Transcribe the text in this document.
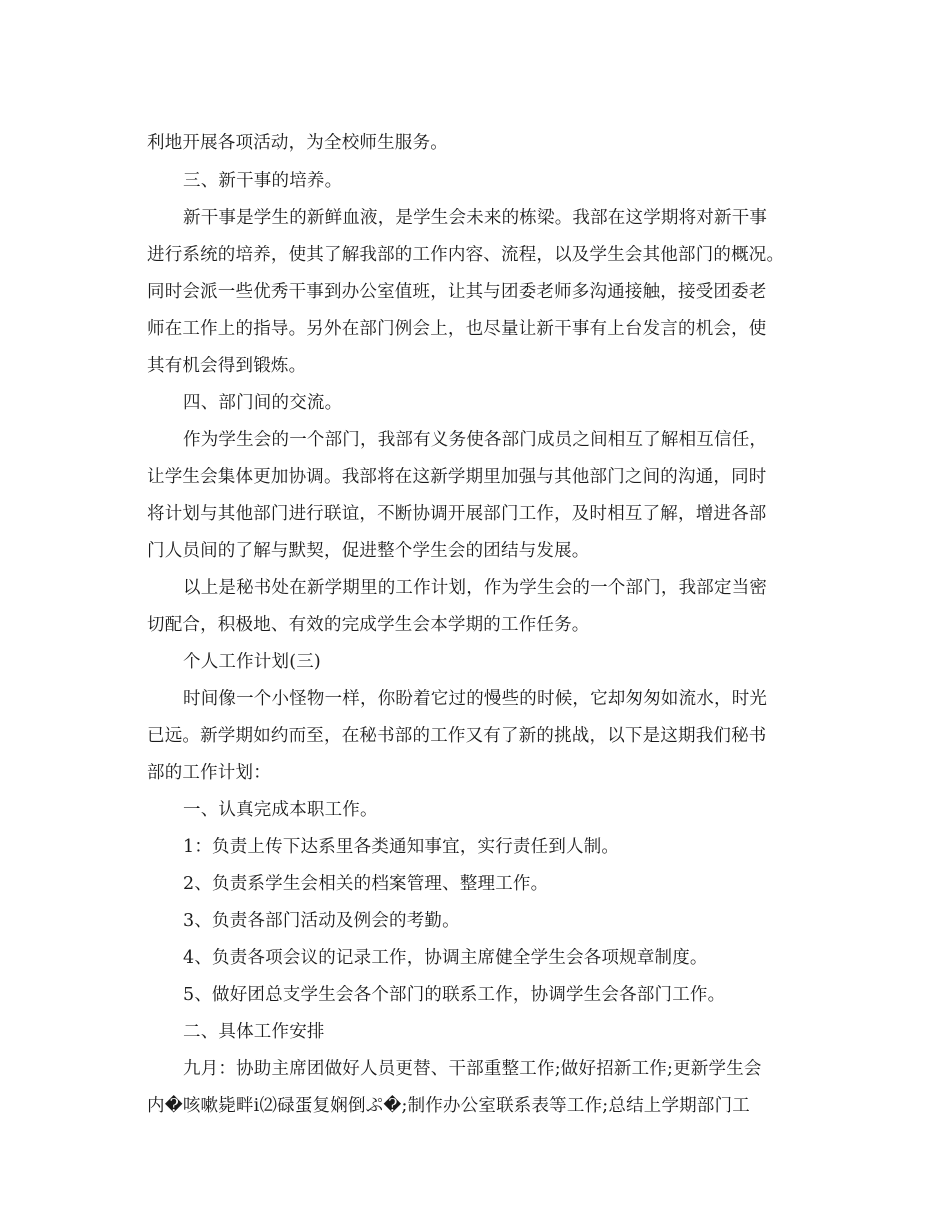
利地开展各项活动，为全校师生服务。
三、新干事的培养。
新干事是学生的新鲜血液，是学生会未来的栋梁。我部在这学期将对新干事
进行系统的培养，使其了解我部的工作内容、流程，以及学生会其他部门的概况。
同时会派一些优秀干事到办公室值班，让其与团委老师多沟通接触，接受团委老
师在工作上的指导。另外在部门例会上，也尽量让新干事有上台发言的机会，使
其有机会得到锻炼。
四、部门间的交流。
作为学生会的一个部门，我部有义务使各部门成员之间相互了解相互信任，
让学生会集体更加协调。我部将在这新学期里加强与其他部门之间的沟通，同时
将计划与其他部门进行联谊，不断协调开展部门工作，及时相互了解，增进各部
门人员间的了解与默契，促进整个学生会的团结与发展。
以上是秘书处在新学期里的工作计划，作为学生会的一个部门，我部定当密
切配合，积极地、有效的完成学生会本学期的工作任务。
个人工作计划(三)
时间像一个小怪物一样，你盼着它过的慢些的时候，它却匆匆如流水，时光
已远。新学期如约而至，在秘书部的工作又有了新的挑战，以下是这期我们秘书
部的工作计划：
一、认真完成本职工作。
1：负责上传下达系里各类通知事宜，实行责任到人制。
2、负责系学生会相关的档案管理、整理工作。
3、负责各部门活动及例会的考勤。
4、负责各项会议的记录工作，协调主席健全学生会各项规章制度。
5、做好团总支学生会各个部门的联系工作，协调学生会各部门工作。
二、具体工作安排
九月：协助主席团做好人员更替、干部重整工作;做好招新工作;更新学生会
内�咳嗽毙畔ⅰ⑵碌蛋复娴倒ぷ�;制作办公室联系表等工作;总结上学期部门工
